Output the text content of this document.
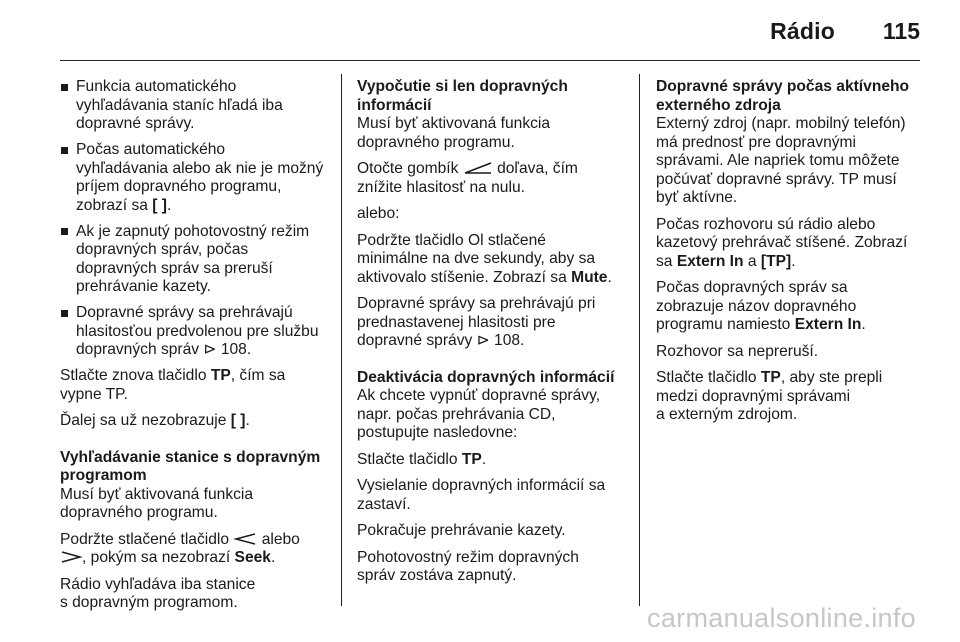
Rádio 115
Funkcia automatického
vyhľadávania staníc hľadá iba
dopravné správy.
Počas automatického
vyhľadávania alebo ak nie je možný
príjem dopravného programu,
zobrazí sa [ ].
Ak je zapnutý pohotovostný režim
dopravných správ, počas
dopravných správ sa preruší
prehrávanie kazety.
Dopravné správy sa prehrávajú
hlasitosťou predvolenou pre službu
dopravných správ ⊳ 108.

Stlačte znova tlačidlo TP, čím sa
vypne TP.

Ďalej sa už nezobrazuje [ ].

Vyhľadávanie stanice s dopravným
programom

Musí byť aktivovaná funkcia
dopravného programu.

Podržte stlačené tlačidlo  alebo
, pokým sa nezobrazí Seek.

Rádio vyhľadáva iba stanice
s dopravným programom.

Vypočutie si len dopravných
informácií

Musí byť aktivovaná funkcia
dopravného programu.

Otočte gombík  doľava, čím
znížite hlasitosť na nulu.

alebo:

Podržte tlačidlo Ol stlačené
minimálne na dve sekundy, aby sa
aktivovalo stíšenie. Zobrazí sa Mute.

Dopravné správy sa prehrávajú pri
prednastavenej hlasitosti pre
dopravné správy ⊳ 108.

Deaktivácia dopravných informácií

Ak chcete vypnúť dopravné správy,
napr. počas prehrávania CD,
postupujte nasledovne:

Stlačte tlačidlo TP.

Vysielanie dopravných informácií sa
zastaví.

Pokračuje prehrávanie kazety.

Pohotovostný režim dopravných
správ zostáva zapnutý.

Dopravné správy počas aktívneho
externého zdroja

Externý zdroj (napr. mobilný telefón)
má prednosť pre dopravnými
správami. Ale napriek tomu môžete
počúvať dopravné správy. TP musí
byť aktívne.

Počas rozhovoru sú rádio alebo
kazetový prehrávač stíšené. Zobrazí
sa Extern In a [TP].

Počas dopravných správ sa
zobrazuje názov dopravného
programu namiesto Extern In.

Rozhovor sa nepreruší.

Stlačte tlačidlo TP, aby ste prepli
medzi dopravnými správami
a externým zdrojom.

carmanualsonline.info
